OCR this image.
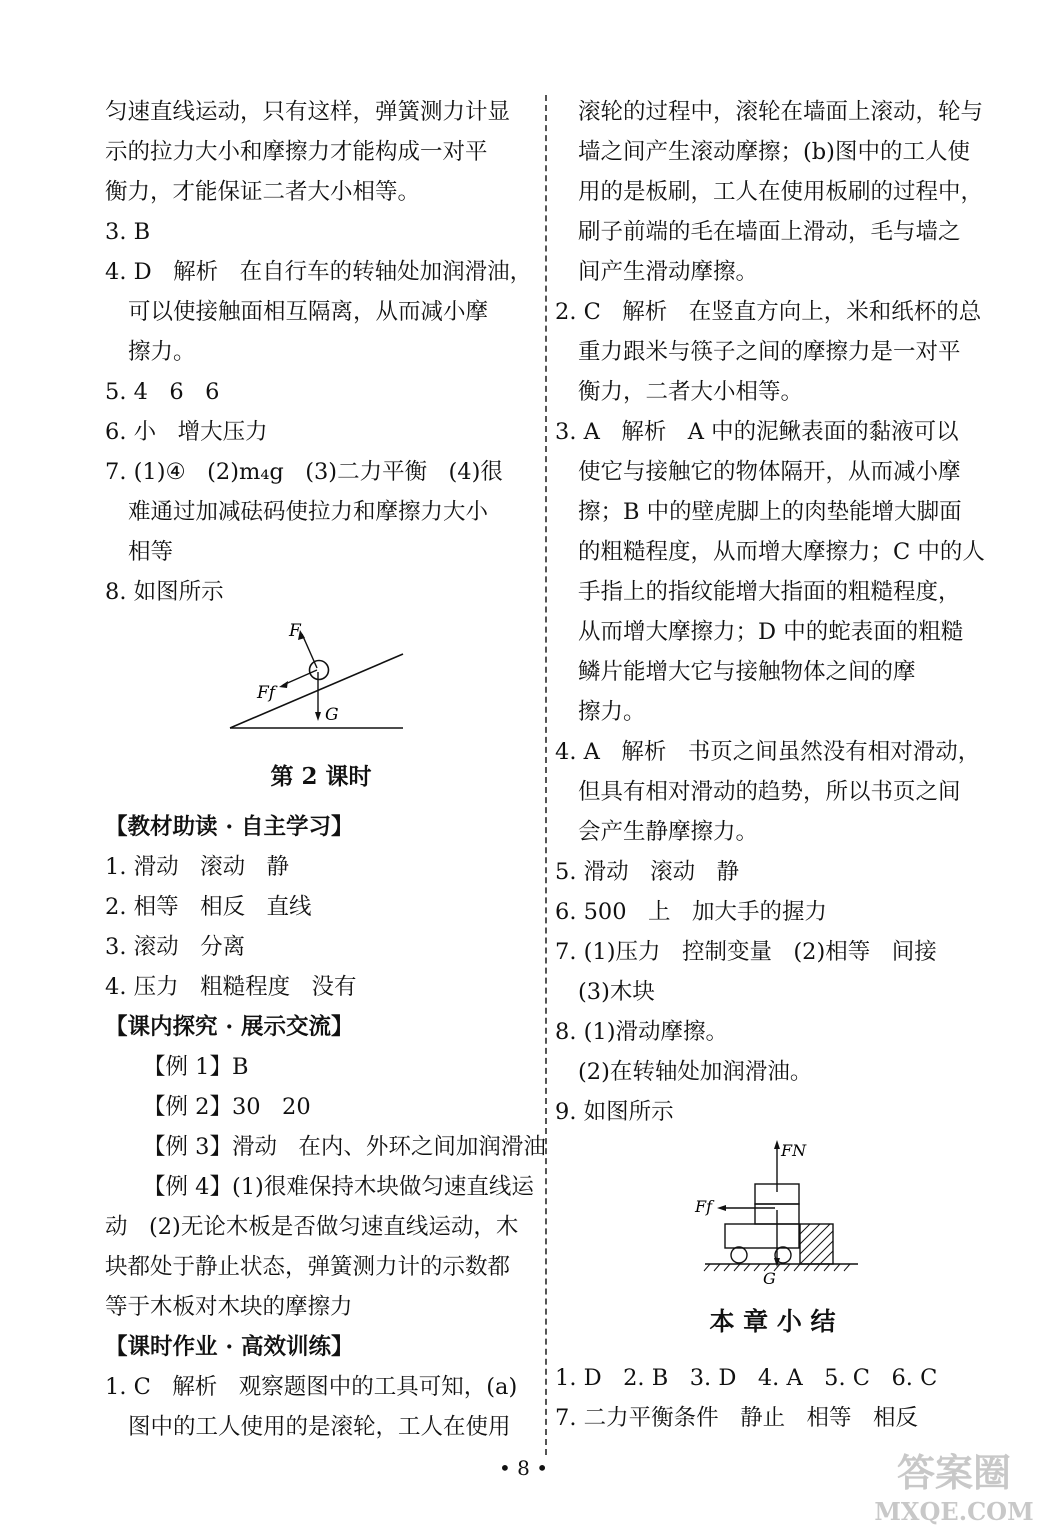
匀速直线运动，只有这样，弹簧测力计显
示的拉力大小和摩擦力才能构成一对平
衡力，才能保证二者大小相等。
3. B
4. D   解析   在自行车的转轴处加润滑油，
可以使接触面相互隔离，从而减小摩
擦力。
5. 4   6   6
6. 小   增大压力
7. (1)④   (2)m₄g   (3)二力平衡   (4)很
难通过加减砝码使拉力和摩擦力大小
相等
8. 如图所示
F
Ff
G
第 2 课时
【教材助读 · 自主学习】
1. 滑动   滚动   静
2. 相等   相反   直线
3. 滚动   分离
4. 压力   粗糙程度   没有
【课内探究 · 展示交流】
【例 1】B
【例 2】30   20
【例 3】滑动   在内、外环之间加润滑油
【例 4】(1)很难保持木块做匀速直线运
动   (2)无论木板是否做匀速直线运动，木
块都处于静止状态，弹簧测力计的示数都
等于木板对木块的摩擦力
【课时作业 · 高效训练】
1. C   解析   观察题图中的工具可知，(a)
图中的工人使用的是滚轮，工人在使用
滚轮的过程中，滚轮在墙面上滚动，轮与
墙之间产生滚动摩擦；(b)图中的工人使
用的是板刷，工人在使用板刷的过程中，
刷子前端的毛在墙面上滑动，毛与墙之
间产生滑动摩擦。
2. C   解析   在竖直方向上，米和纸杯的总
重力跟米与筷子之间的摩擦力是一对平
衡力，二者大小相等。
3. A   解析   A 中的泥鳅表面的黏液可以
使它与接触它的物体隔开，从而减小摩
擦；B 中的壁虎脚上的肉垫能增大脚面
的粗糙程度，从而增大摩擦力；C 中的人
手指上的指纹能增大指面的粗糙程度，
从而增大摩擦力；D 中的蛇表面的粗糙
鳞片能增大它与接触物体之间的摩
擦力。
4. A   解析   书页之间虽然没有相对滑动，
但具有相对滑动的趋势，所以书页之间
会产生静摩擦力。
5. 滑动   滚动   静
6. 500   上   加大手的握力
7. (1)压力   控制变量   (2)相等   间接
(3)木块
8. (1)滑动摩擦。
(2)在转轴处加润滑油。
9. 如图所示
FN
Ff
G
本 章 小 结
1. D   2. B   3. D   4. A   5. C   6. C
7. 二力平衡条件   静止   相等   相反
• 8 •	答案圈
MXQE.COM
